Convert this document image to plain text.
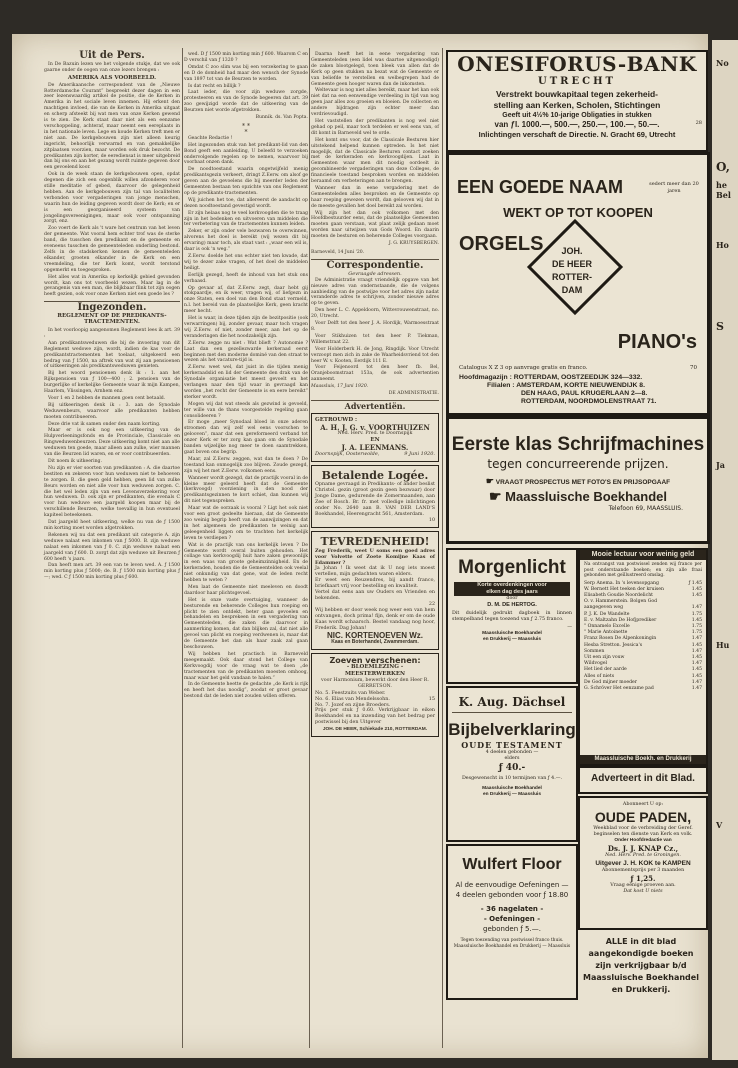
No
O,
he
Bel
Ho
S
Ja
Hu
V
Uit de Pers.

In De Bazuin lezen we het volgende stukje, dat we ook gaarne onder de oogen van onze lezers brengen :

AMERIKA ALS VOORBEELD.

De Amerikaansche correspondent van de „Nieuwe Rotterdamsche Courant” bespreekt dezer dagen in een zeer lezenswaardig artikel de positie, die de Kerken in Amerika in het sociale leven innemen. Hij erkent den machtigen invloed, die van de Kerken in Amerika uitgaat en scherp afsteekt bij wat men van onze Kerken gewend is te zien. De Kerk staat daar niet als een eenzame verschoppeling, achteraf, maar neemt een eereplaats in in het nationale leven. Lege en koude Kerken treft men er niet aan. De kerkgebouwen zijn niet alleen keurig ingericht, behoorlijk verwarmd en van gemakkelijke zitplaatsen voorzien, maar worden ook druk bezocht. De predikanten zijn korter, de eerediensat is meer uitgebreid dan bij ons en aan het gezang wordt ruimte gegeven door een gevoelend koor.

Ook in de week staan de kerkgebouwen open, opdat degenen die zich een oogenblik willen afzonderen voor stille meditatie of gebed, daarvoor de gelegenheid hebben. Aan de kerkgebouwen zijn tal van localiteiten verbonden voor vergaderingen van jonge menschen, waarin hun de leiding gegeven wordt door de Kerk; en er is een georganiseerd systeem van jongelingsvereenigingen, maar ook voor ontspanning zorgt, enz.

Zoo voert de Kerk als 't ware het centrum van het leven der gemeente. Wat vooral hem echter trof was de sterke band, die tusschen den predikant en de gemeente en eveneens tusschen de gemeenteleden onderling bestond. Zelfs in de stadskerken kennen de gemeenteleden elkander, groeten elkander in de Kerk en een vreemdeling, die ter Kerk komt, wordt terstond opgemerkt en toegesproken.

Het alles wat in Amerika op kerkelijk gebied gevonden wordt, kan ons tot voorbeeld wezen. Maar lag in de gevangenis van een man, die blijkbaar flink tot zijn oogen heeft gezien, ook voor onze Kerken niet een goede les ?

Ingezonden.
REGLEMENT OP DE PREDIKANTS-TRACTEMENTEN.

In het voorloopig aangenomen Reglement lees ik art. 39 :

Aan predikantsweduwen die bij de invoering van dit Reglement wedowe zijn, wordt, indien de kas voor de predikantstractementen het toelaat, uitgekeerd een bedrag van ƒ 1500, na aftrek van wat zij aan pensioenen of uitkeeringen als predikantsweduwen genieten.

Bij het woord pensioenen denk ik : 1. aan het Rijkspensioen van ƒ 100—400 ; 2. pensioen van de burgerlijke of kerkelijke Gemeente waar ik mijn Kampen, Haarlem, Vlissingen, Arnhem enz.

Voor 1 en 2 hebben de mannen goen cent betaald.

Bij uitkeeringen denk ik : 3. aan de Synodale Weduwenbeurs, waarvoor alle predikanten hebben moeten contribueeren.

Deze drie vat ik samen onder den naam korting.

Maar er is ook nog een uitkeering van de Hulpverleeningsfonds en de Provinciale, Classicale en Ringweduwenbeurzen. Deze uitkeering komt niet aan alle weduwen ten goede, maar alleen aan zulke, wier mannen van die Beurzen lid waren, en er voor contribueerden.

Dit noem ik uitkeering.

Nu zijn er vier soorten van predikanten : A. die daartoe bestiten en zekeren voor hun weduwen niet te behoeven te zorgen. B. die geen geld hebben, geen lid van zulke Beurs worden en niet alle voor hun weduwen zorgen. C. die het wel leden zijn van een Levensverzekering voor hun weduwen. D. ook zijn er predikanten, die evenals C voor hun weduwe een jaargeld koopen maar bij de verschillende Beurzen, welke toevallig in hun eventueel kapiteel beteekenen.

Dat jaargeld heet uitkeering, welke nu van de ƒ 1500 min korting moet worden afgetrokken.

Rekenen wij nu dat een predikant uit categorie A. zijn weduwe nalaat een inkomen van ƒ 5000. B. zijn weduwe nalaat een inkomen van ƒ 0. C. zijn weduwe nalaat een jaargeld van ƒ 600. D. zorgt dat zijn weduwe uit Beurzen ƒ 600 heeft 's jaars.

Dan heeft men art. 39 een van te leven wed. A. ƒ 1500 min korting plus ƒ 5000; de. B. ƒ 1500 min korting plus ƒ —; wed. C ƒ 1500 min korting plus ƒ 600.

wed. D ƒ 1500 min korting min ƒ 600. Waarom C en D verschil van ƒ 1320 ?

Omdat C zoo slim was bij een verzekering te gaan en D de domheid had maar den wensch der Synode van 1897 tot van de Beurzen te worden.

Is dat recht en billijk ?

Laat ieder, die voor zijn weduwe zorgde, protesteeren en van de Synode begeeren dat art. 39 zoo gewijzigd worde dat de uitkeering van de Beurzen niet worde afgetrokken.

Bunnik. ds. Van Popta.
* *
*

Geachte Redactie !

Het ingezonden stuk van het predikant-lid van den Bond geeft een aanleiding, U beleefd te verzoeken ondervolgende regelen op te nemen, waarvoor bij voorbaat onzen dank.

De noodtoestand waarin ongetwijfeld menig predikantsgezin verkeert, dringt Z.Eerw. om alsof ge geven aan de gevoelens die bij meerder leden der Gemeenten bestaan ten opzichte van ons Reglement op de predikants-tractementen.

Wij juichen het toe, dat allereerst de aandacht op dezen noodtoestand gevestigd wordt.

Er zijn helaas nog te veel kerkvoogden die te traag zijn in het bedenken en uitvoeren van middelen die ter verbetering van de tractementen kunnen leiden.

Zeker, er zijn onder vele bezwaren te overwinnen, alvorens het doel is bereikt (wij wezen dit bij ervaring) maar toch, als staat vast : „waar een wil is, daar is ook 'n weg.”

Z.Eerw. doelde het ons echter niet ten kwade, dat wij te dezer zake vragen, of het doel de middelen heiligt.

Eerlijk gezegd, heeft de inhoud van het stuk ons verbaasd.

Op gevaar af, dat Z.Eerw. zegt, daar hebt gij stokpaardje, en ik weer, vragen wij, of liefgezn in onze Staten, een doel van den Bond staat vermeld, n.l. het bereid van de plaatselijke Kerk, geen kracht meer hecht.

Het is waar, in deze tijden zijn de bezitpositie (ook verwarringen) bij, zonder gevaar, maar toch vragen wij Z.Eerw. of niet, zonder meer, aan het op de veranderingen die het noodzakelijk zijn.

Z.Eerw. zegge nu niet : Wat blieft ? Autonomie ? Laat dan een gezellezwarde kerkeraad eerst beginnen met den moderne dominé van den straat te wezen als het vacature-tijd is.

Z.Eerw. weet wel, dat juist in die tijden menig kerkeraadslid en lid der Gemeente den drak van de Synodale organisatie het meest gevoelt en het verlangen naar den tijd waar in gevraagd kan worden „het recht der Gemeente is en eere bereikt” sterker wordt.

Mogen wij dat wat steeds als gezwind is gevoeld, ter wille van de thans voorgestelde regeling gaan consolideeren ?

Er moge „meer Synodaal bloed in onze aderen stroomen dan wij zelf wel eens voorschen te gelooven”, maar dat een gereformeerd verband tot onzer Kerk er ter zorg kan gaan om de Synodale banden wijzelijke nog meer te doen saamtrekken, gaat boven ons begrip.

Maar, zal Z.Eerw. zeggen, wat dan te doen ? De toestand kan onmogelijk zoo blijven. Zoude gezegd, zijn wij het met Z.Eerw. volkomen eens.

Wanneer wordt gezegd, dat de practijk vooral in de kleine meer geleerd heeft dat de Gemeente (kerkvoogd) voorziening in den nood der predikantsgezinnen te kort schiet, dan kunnen wij dit niet tegenspreken.

Maar wat de oorzaak is vooral ? Ligt het ook niet voor een groot gedeelte hieraan, dat de Gemeente zoo weinig begrip heeft van de aanwijzingen en dat in het algemeen de predikanten te weinig aan geleegenheid liggen om te trachten het kerkelijk leven te verdiepen ?

Wat is de practijk van ons kerkelijk leven ? De Gemeente wordt overal buiten gehouden. Het collage van kerkvoogdij huit hare zaken gewoonlijk in een waas van groote geheimzinnigheid. En de kerkeraden, houden die de Gemeentelden ook veelal niet onkundig van dat gene, wat de leden recht hebben te weten ?

Men laat de Gemeente niet meeleven en doodt daardoor haar plichtsgevoel.

Het is onze vaste overtuiging, wanneer de besturende en beherende Colleges hun roeping en plicht te zien ontdekt, beter gaan gevoelen en behandelen en besprekeen in een vergadering van Gemeenteleden, die zaken die daarvoor in aanmerking komen, dat dan blijken zal, dat niet alle gevoel van plicht en roeping verdwenen is, maar dat de Gemeente het dan als haar zaak zal gaan beschouwen.

Wij hebben het practisch in Barneveld meegemaakt. Ook daar stond het College van Kerkvoogdij voor de vraag wat te doen „de tractementen van de predikanten moesten omhoog, maar waar het geld vandaan te halen.”

In de Gemeente heette de gedachte „de Kerk is rijk en heeft het dus noodig”, zoodat er groot gevaar bestond dat de leden niet zouden willen offeren.

Daarna heeft het in eene vergadering van Gemeenteleden (een lidel was daartoe uitgenoodigd) de zaken blootgelegd, toen bleek van allen dat de Kerk op geen stukken na bezat wat de Gemeente er van beliefde te verstellen en welbegrepen had de Gemeente geen hooger waren dan de inkomsten.

Weltevaar is nog niet alles bereikt, maar het kan ook niet dat na een eenwendige verdeeling in tijd van nog geen jaar alles zou groeien en bloeien. De collecten en andere bijdragen zijn echter meer dan verdrievoudigd.

Het vaststellen der predikanten is nog wel niet gehad op peil, maar toch terdelen er wel eens van, of dit komt in Barneveld wel te orde.

Het komt ons voor, dat de Classicale Besturen hier uitstekend helpend kunnen optreden. Is het niet mogelijk, dat de Classicale Besturen contact zoeken met de kerkeraden en kerkvoogdijen. Laat in Gemeenten waar men dit noodig oordeelt in gecombineerde vergaderingen van deze Colleges, de financieele toestand besproken worden en middelen beraamd om verbeteringen aan te brengen.

Wanneer dan in eene vergadering met de Gemeenteleden alles besproken en de Gemeente op haar roeping gewezen wordt, dan gelooven wij dat in de meeste gevallen het doel bereikt zal worden.

Wij zijn het dan ook volkomen met den Hoofdbestuurder eens, dat de plaatselijke Gemeenten moeten gaan verstaan, wat plaat zelijk gedaan moet worden naar uitwijzen van Gods Woord. En daarin moeten de besturen en beherende Colleges voorgaan.

J. G. KRUYSBERGEN.
Barneveld, 14 Juni '20.
Correspondentie.
Gevraagde adressen.

De Administratie vraagt vriendelijk opgave van het nieuwe adres van ondernstaande, die de volgens aanbieding van de postwijze voor het adres zijn nadat veranderde adres te schrijven, zonder nieuwe adres op te geven.

Den heer L. C. Appeldoorn, Wittevrouwenstraat, no. 20, Utrecht.

Voor Delft tot den heer J. A. Hordijk, Warmoesstraat 8.

Voor Stikhuizen tot den heer P. Tiekman, Willemstraat 22.

Voor Holderberk H. de Jong, Ringdijk. Voor Utrecht verzoopt men zich in zake de Waarheidsvriend tot den heer W. v. Kooten, Eerdijk 111 E.

Voor Feijenoord tot den heer fb. Bel, Oranjeboomstraat 153a, de ook advertentien aanneemt.

Maassluis, 17 Juni 1920.
DE ADMINISTRATIE.
Advertentiën.
GETROUWD :
A. H. J. G. v. VOORTHUIZEN
Ned. Herv. Pred. te Doornspijk
EN
J. A. LEENMANS.
Doornspijk, Oosterwolde,	9 Juni 1920.
Betalende Logée.
Opname gevraagd in Predikants- of ander beslist Christel. gezin (groot gezin geen bezwaar) door Jonge Dame, gedurende de Zomermaanden, aan Zee of Bosch. Br. fr. met volledige inlichtingen onder No. 2640 aan B. VAN DER LAND'S Boekhandel, Heerengracht 561, Amsterdam.
10
TEVREDENHEID!
Zeg Frederik, weet U soms een goed adres voor Volvette of Zoete Komijne Kaas of Edammer ?
Ja Johan ! Ik weet dat ik U nog iets moest vertellen, mijn gedachten waren elders.
Er weet een Reuzendres, bij aandt franco, briefkaart vrij voor bestelling en kwaliteit.
Vertel dat eens aan uw Ouders en Vrienden en bekenden.
22
Wij hebben er door week nog weer een van hem ontvangen, doch prima! fijn, denk er om de oude Kaas wordt schaarsch. Bestel vandaag nog hoor, Frederik. Dag Johan!
NIC. KORTENOEVEN Wz.
Kaas en Boterhandel, Zwammerdam.
Zoeven verschenen:
- BLOEMLEZING -
MEESTERWERKEN
voor Harmonium, bewerkt door den Heer R. GERRETSON.
No. 5. Feestzuits van Weber.
No. 6. Elias van Mendelssohn.	15
No. 7. Jozef en zijne Broeders.
Prijs per stuk ƒ 0.60. Verkrijgbaar in eiken Boekhandel en na inzending van het bedrag per postwissel bij den Uitgever
JOH. DE HEER, Schiekade 210, ROTTERDAM.
ONESIFORUS-BANK
UTRECHT
Verstrekt bouwkapitaal tegen zekerheid-
stelling aan Kerken, Scholen, Stichtingen
Geeft uit 4½% 10-jarige Obligaties in stukken
van ƒl. 1000.—, 500.—, 250.—, 100.—, 50.—.	28
Inlichtingen verschaft de Directie. N. Gracht 69, Utrecht
EEN GOEDE NAAM	sedert meer dan 20 jaren
WEKT OP TOT KOOPEN
ORGELS	JOH.
DE HEER
ROTTER-
DAM
PIANO's
Catalogus X Z 3 op aanvrage gratis en franco.	70
Hoofdmagazijn : ROTTERDAM, OOSTZEEDIJK 324—332.
Filialen : AMSTERDAM, KORTE NIEUWENDIJK 8.
DEN HAAG, PAUL KRUGERLAAN 2—8.
ROTTERDAM, NOORDMOLENSTRAAT 71.
Eerste klas Schrijfmachines
tegen concurreerende prijzen.
☛ VRAAGT PROSPECTUS MET FOTO'S EN PRIJSOPGAAF
☛ Maassluische Boekhandel
Telefoon 69, MAASSLUIS.
Morgenlicht
Korte overdenkingen voor
elken dag des jaars
door
D. M. DE HERTOG.
Dit duidelijk gedrukt dagboek in linnen stempelband tegen toezend van ƒ 2.75 franco.
—
Maassluische Boekhandel
en Drukkerij — Maassluis
K. Aug. Dächsel
Bijbelverklaring
OUDE TESTAMENT
4 deelen gebonden —
elders
ƒ 40.-
Desgewenscht in 10 termijnen van ƒ 4.—.
Maassluische Boekhandel
en Drukkerij — Maassluis
Wulfert Floor
Al de eenvoudige Oefeningen — 4 deelen gebonden voor ƒ 18.80
- 36 nagelaten -
- Oefeningen -
gebonden ƒ 5.—.
Tegen toezending van postwissel franco thuis. Maassluische Boekhandel en Drukkerij — Maassluis
Mooie lectuur voor weinig geld
Na ontvangst van postwissel zenden wij franco per post onderstaande boeken; en zijn alle fraai gebonden met geïllustreerd omslag.
Serp Anema. In 's levensopgang	ƒ 1.45
W. Bernett Het teeken der kruisen	1.45
Elisabeth Goudie Noordelicht	1.45
O. v. Hammerstein. Bolgen God
aangegeven weg	1.47
P. J. K. De Wandelte	1.75
E. v. Maltzahn De Hofjprediker	1.45
" Onnamelo Excelle	1.75
" Marie Antoinette	1.75
Franz Rosen De Alpenkoningin	1.47
Hesba Stretton. Jessica's	1.45
Sommen	1.47
Uit een zijn vouw	1.45
Wildvogel	1.47
Het lied der aarde	1.45
Alles of niets	1.45
De God mijner moeder	1.47
G. Schröver Het eenzame pad	1.47
Maassluische Boekh. en Drukkerij
Adverteert in dit Blad.
Abonneert U op:
OUDE PADEN,
Weekblad voor de verbreiding der Geref. beginselen ten dienste van Kerk en volk.
Onder Hoofdredactie van
Ds. J. J. KNAP Cz.,
Ned. Herv. Pred. te Groningen.
Uitgever J. H. KOK te KAMPEN
Abonnementsprijs per 3 maanden
ƒ 1,25.
Vraag eenige proeven aan.
Dat kost U niets
ALLE in dit blad aangekondigde boeken zijn verkrijgbaar b/d Maassluische Boekhandel en Drukkerij.
